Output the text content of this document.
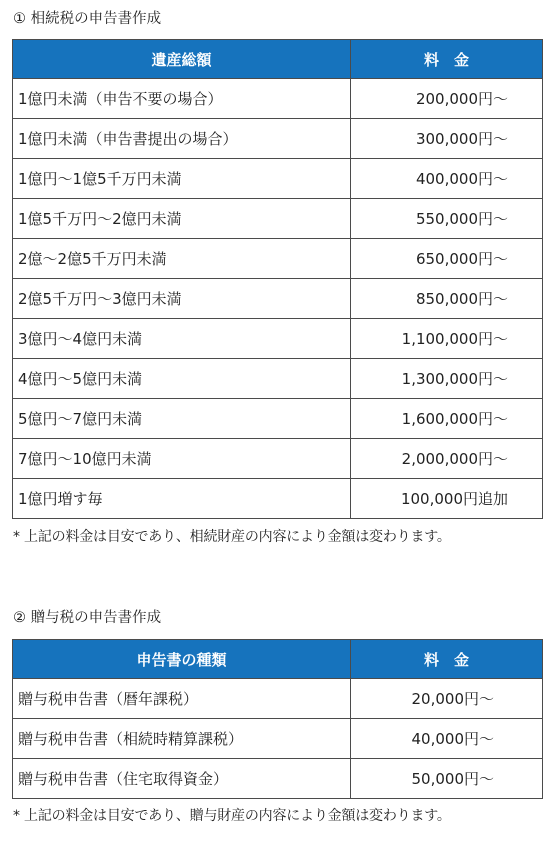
① 相続税の申告書作成
遺産総額	料　金
1億円未満（申告不要の場合）	200,000円～
1億円未満（申告書提出の場合）	300,000円～
1億円～1億5千万円未満	400,000円～
1億5千万円～2億円未満	550,000円～
2億～2億5千万円未満	650,000円～
2億5千万円～3億円未満	850,000円～
3億円～4億円未満	1,100,000円～
4億円～5億円未満	1,300,000円～
5億円～7億円未満	1,600,000円～
7億円～10億円未満	2,000,000円～
1億円増す毎	100,000円追加
* 上記の料金は目安であり、相続財産の内容により金額は変わります。
② 贈与税の申告書作成
申告書の種類	料　金
贈与税申告書（暦年課税）	20,000円～
贈与税申告書（相続時精算課税）	40,000円～
贈与税申告書（住宅取得資金）	50,000円～
* 上記の料金は目安であり、贈与財産の内容により金額は変わります。
